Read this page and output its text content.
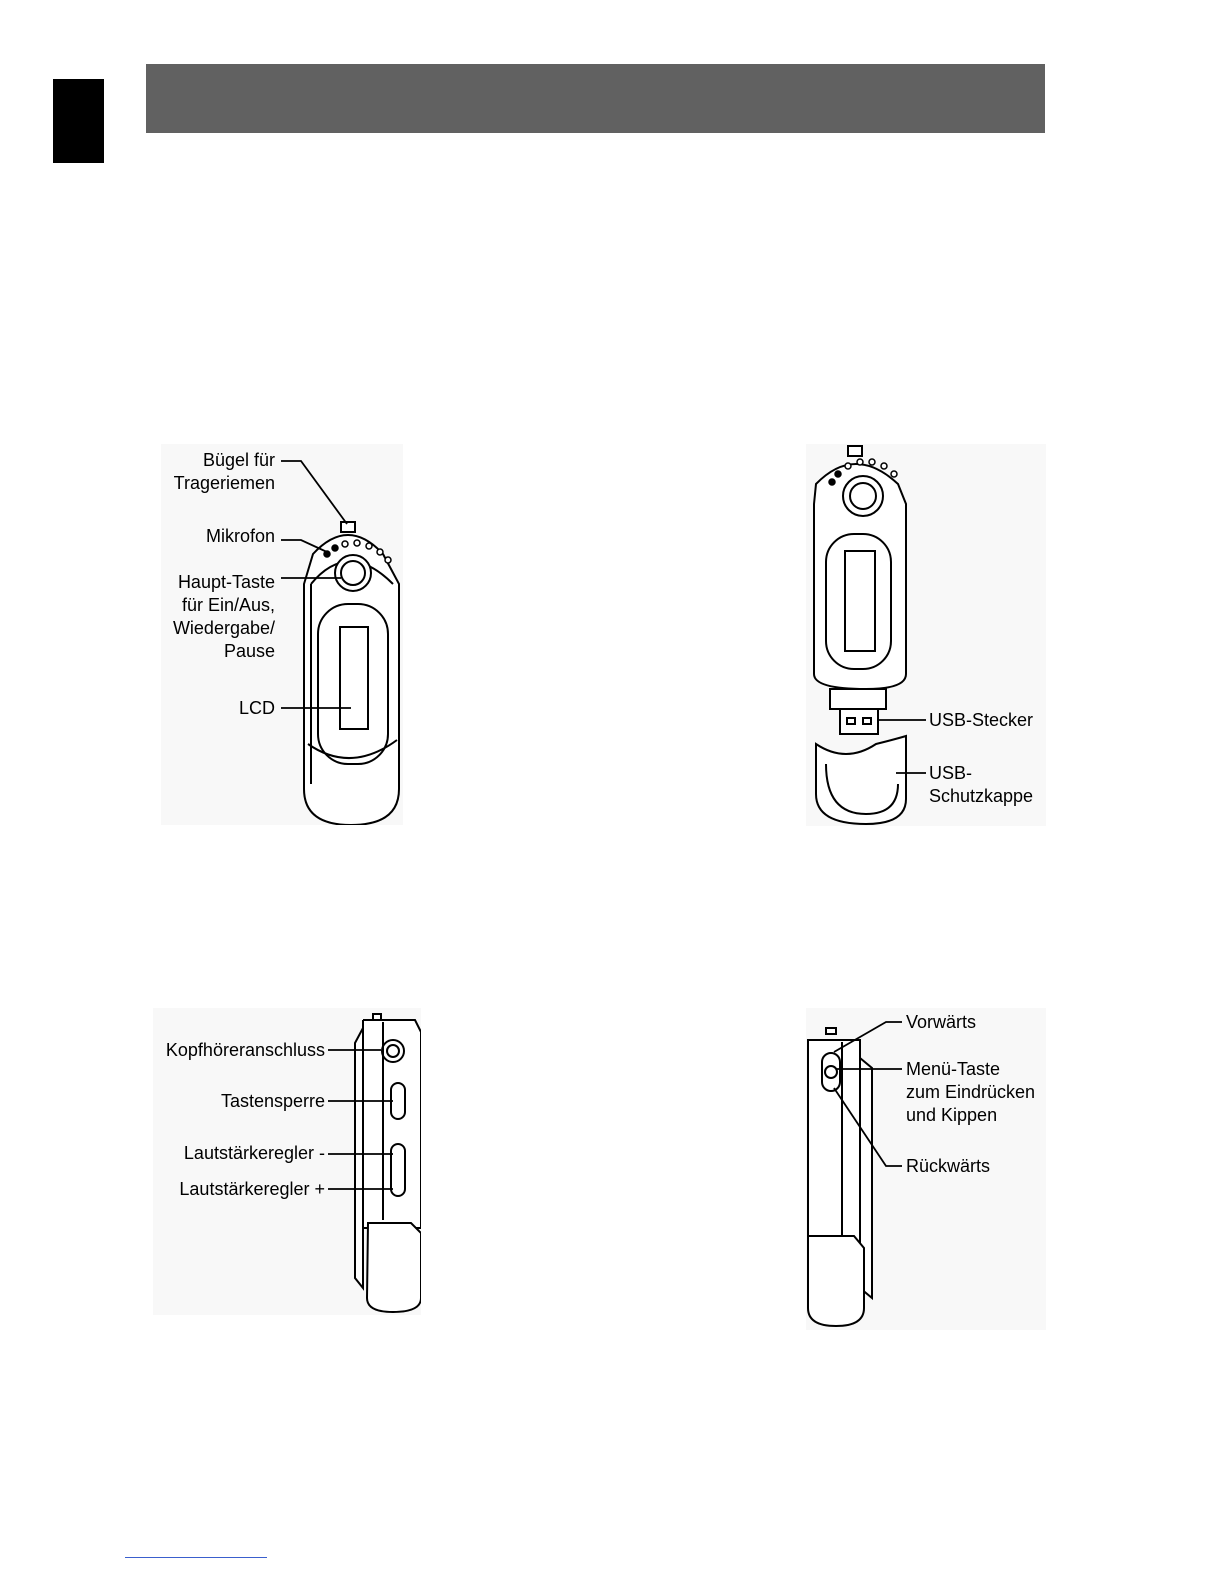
Bügel für
Trageriemen
Mikrofon
Haupt-Taste
für Ein/Aus,
Wiedergabe/
Pause
LCD
USB-Stecker
USB-
Schutzkappe
Kopfhöreranschluss
Tastensperre
Lautstärkeregler -
Lautstärkeregler +
Vorwärts
Menü-Taste
zum Eindrücken
und Kippen
Rückwärts
